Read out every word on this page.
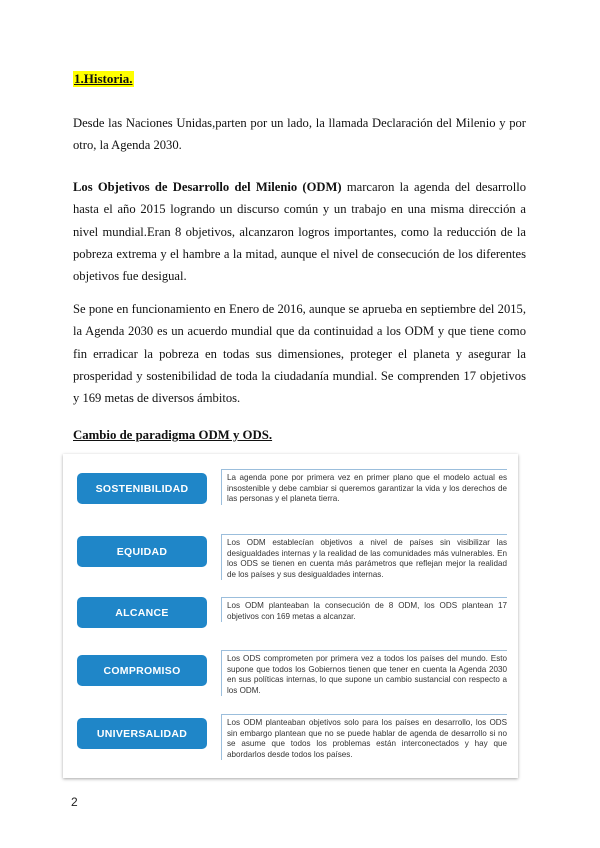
1.Historia.

Desde las Naciones Unidas,parten por un lado, la llamada Declaración del Milenio y por otro, la Agenda 2030.

Los Objetivos de Desarrollo del Milenio (ODM) marcaron la agenda del desarrollo hasta el año 2015 logrando un discurso común y un trabajo en una misma dirección a nivel mundial.Eran 8 objetivos, alcanzaron logros importantes, como la reducción de la pobreza extrema y el hambre a la mitad, aunque el nivel de consecución de los diferentes objetivos fue desigual.

Se pone en funcionamiento en Enero de 2016, aunque se aprueba en septiembre del 2015, la Agenda 2030 es un acuerdo mundial que da continuidad a los ODM y que tiene como fin erradicar la pobreza en todas sus dimensiones, proteger el planeta y asegurar la prosperidad y sostenibilidad de toda la ciudadanía mundial. Se comprenden 17 objetivos y 169 metas de diversos ámbitos.

Cambio de paradigma ODM y ODS.
SOSTENIBILIDAD
La agenda pone por primera vez en primer plano que el modelo actual es insostenible y debe cambiar si queremos garantizar la vida y los derechos de las personas y el planeta tierra.
EQUIDAD
Los ODM establecían objetivos a nivel de países sin visibilizar las desigualdades internas y la realidad de las comunidades más vulnerables. En los ODS se tienen en cuenta más parámetros que reflejan mejor la realidad de los países y sus desigualdades internas.
ALCANCE
Los ODM planteaban la consecución de 8 ODM, los ODS plantean 17 objetivos con 169 metas a alcanzar.
COMPROMISO
Los ODS comprometen por primera vez a todos los países del mundo. Esto supone que todos los Gobiernos tienen que tener en cuenta la Agenda 2030 en sus políticas internas, lo que supone un cambio sustancial con respecto a los ODM.
UNIVERSALIDAD
Los ODM planteaban objetivos solo para los países en desarrollo, los ODS sin embargo plantean que no se puede hablar de agenda de desarrollo si no se asume que todos los problemas están interconectados y hay que abordarlos desde todos los países.
2
